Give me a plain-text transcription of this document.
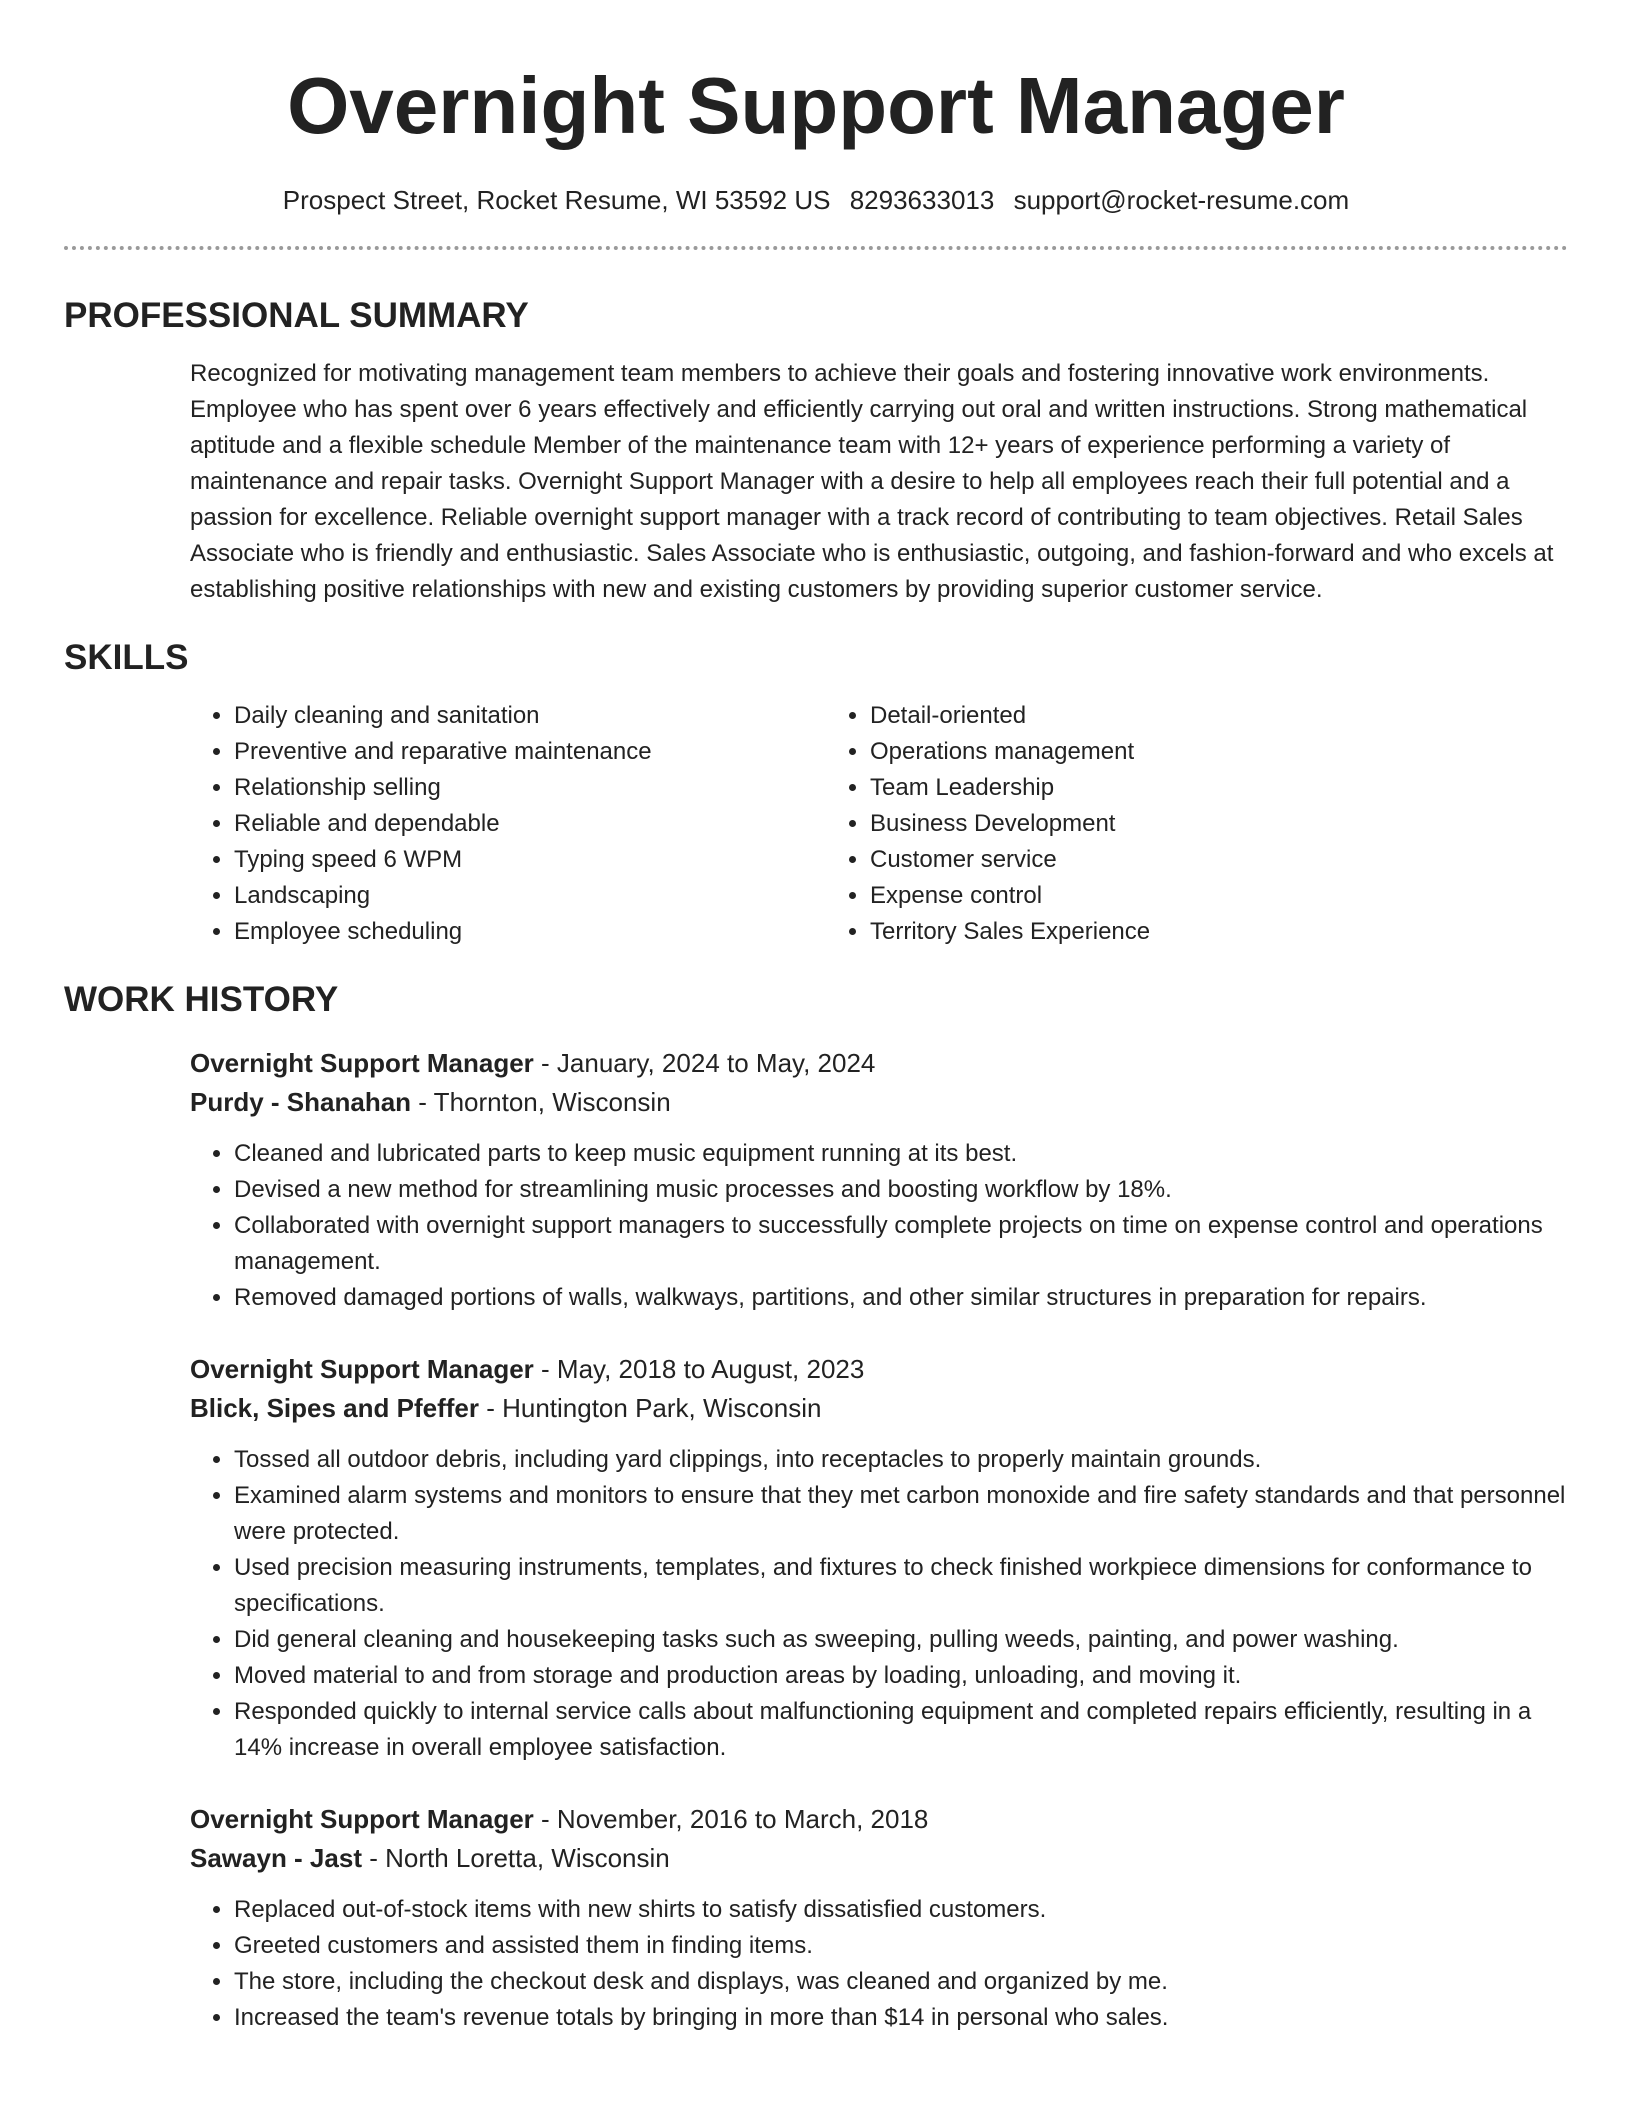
Overnight Support Manager
Prospect Street, Rocket Resume, WI 53592 US 8293633013 support@rocket-resume.com
PROFESSIONAL SUMMARY
Recognized for motivating management team members to achieve their goals and fostering innovative work environments. Employee who has spent over 6 years effectively and efficiently carrying out oral and written instructions. Strong mathematical aptitude and a flexible schedule Member of the maintenance team with 12+ years of experience performing a variety of maintenance and repair tasks. Overnight Support Manager with a desire to help all employees reach their full potential and a passion for excellence. Reliable overnight support manager with a track record of contributing to team objectives. Retail Sales Associate who is friendly and enthusiastic. Sales Associate who is enthusiastic, outgoing, and fashion-forward and who excels at establishing positive relationships with new and existing customers by providing superior customer service.
SKILLS
• Daily cleaning and sanitation
• Preventive and reparative maintenance
• Relationship selling
• Reliable and dependable
• Typing speed 6 WPM
• Landscaping
• Employee scheduling
• Detail-oriented
• Operations management
• Team Leadership
• Business Development
• Customer service
• Expense control
• Territory Sales Experience
WORK HISTORY
Overnight Support Manager - January, 2024 to May, 2024
Purdy - Shanahan - Thornton, Wisconsin
• Cleaned and lubricated parts to keep music equipment running at its best.
• Devised a new method for streamlining music processes and boosting workflow by 18%.
• Collaborated with overnight support managers to successfully complete projects on time on expense control and operations management.
• Removed damaged portions of walls, walkways, partitions, and other similar structures in preparation for repairs.
Overnight Support Manager - May, 2018 to August, 2023
Blick, Sipes and Pfeffer - Huntington Park, Wisconsin
• Tossed all outdoor debris, including yard clippings, into receptacles to properly maintain grounds.
• Examined alarm systems and monitors to ensure that they met carbon monoxide and fire safety standards and that personnel were protected.
• Used precision measuring instruments, templates, and fixtures to check finished workpiece dimensions for conformance to specifications.
• Did general cleaning and housekeeping tasks such as sweeping, pulling weeds, painting, and power washing.
• Moved material to and from storage and production areas by loading, unloading, and moving it.
• Responded quickly to internal service calls about malfunctioning equipment and completed repairs efficiently, resulting in a 14% increase in overall employee satisfaction.
Overnight Support Manager - November, 2016 to March, 2018
Sawayn - Jast - North Loretta, Wisconsin
• Replaced out-of-stock items with new shirts to satisfy dissatisfied customers.
• Greeted customers and assisted them in finding items.
• The store, including the checkout desk and displays, was cleaned and organized by me.
• Increased the team's revenue totals by bringing in more than $14 in personal who sales.
